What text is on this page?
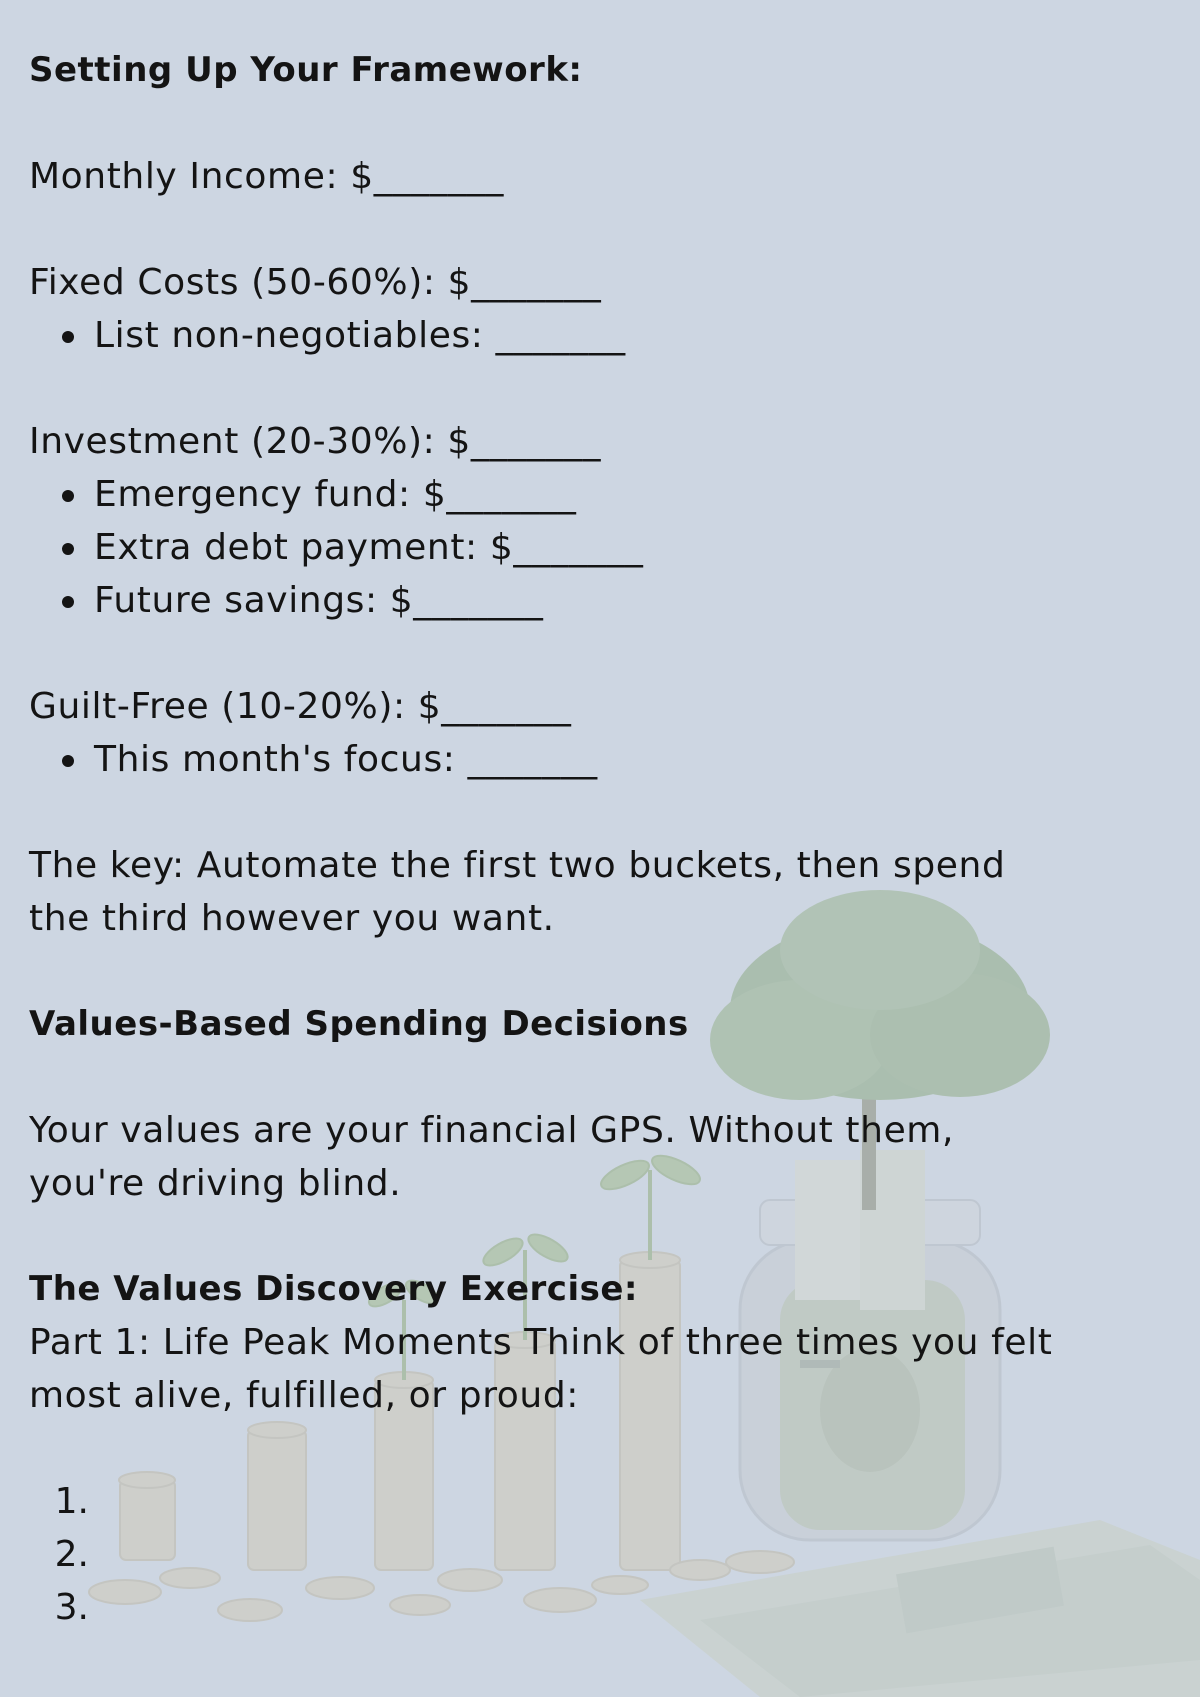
Setting Up Your Framework:

Monthly Income: $_______

Fixed Costs (50-60%): $_______

List non-negotiables: _______

Investment (20-30%): $_______

Emergency fund: $_______
Extra debt payment: $_______
Future savings: $_______

Guilt-Free (10-20%): $_______

This month's focus: _______

The key: Automate the first two buckets, then spend

the third however you want.

Values-Based Spending Decisions

Your values are your financial GPS. Without them,

you're driving blind.

The Values Discovery Exercise:

Part 1: Life Peak Moments Think of three times you felt

most alive, fulfilled, or proud:

1.
2.
3.
